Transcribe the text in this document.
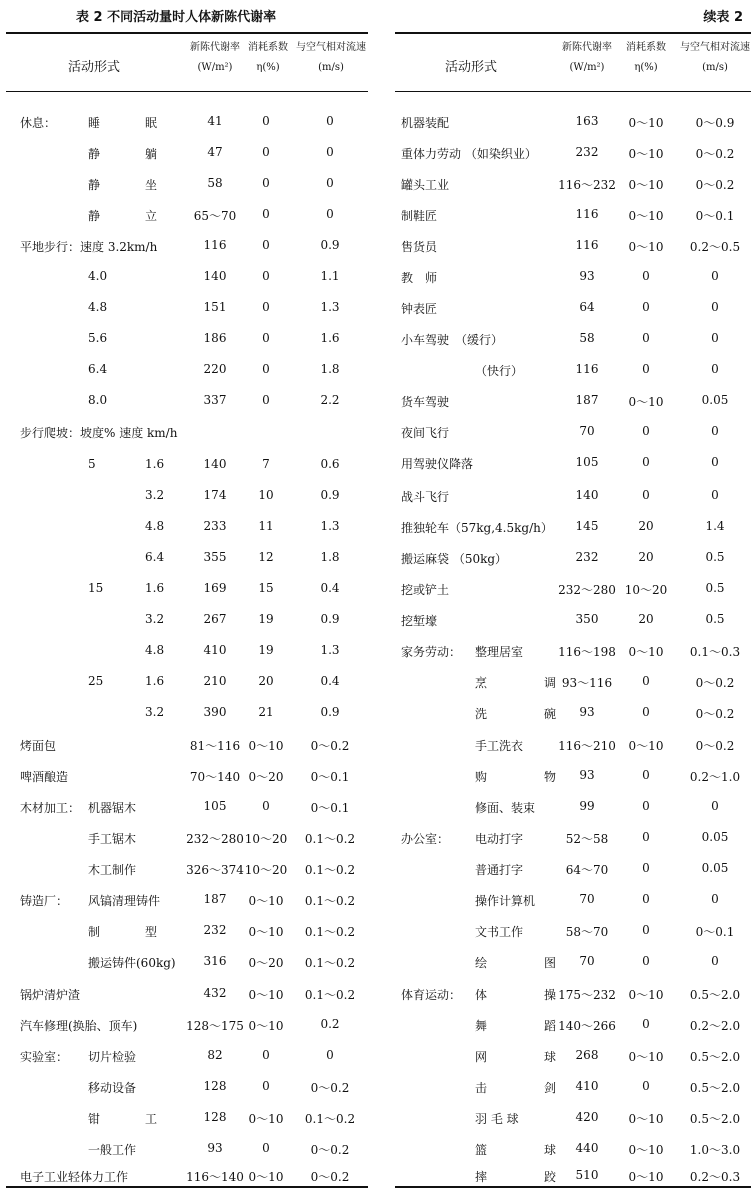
表 2 不同活动量时人体新陈代谢率
活动形式
新陈代谢率
(W/m²)
消耗系数
η(%)
与空气相对流速
(m/s)
休息：	睡	眠	41	0	0
静	躺	47	0	0
静	坐	58	0	0
静	立	65～70	0	0
平地步行：速度 3.2km/h	116	0	0.9
4.0	140	0	1.1
4.8	151	0	1.3
5.6	186	0	1.6
6.4	220	0	1.8
8.0	337	0	2.2
步行爬坡：坡度% 速度 km/h
5	1.6	140	7	0.6
3.2	174	10	0.9
4.8	233	11	1.3
6.4	355	12	1.8
15	1.6	169	15	0.4
3.2	267	19	0.9
4.8	410	19	1.3
25	1.6	210	20	0.4
3.2	390	21	0.9
烤面包	81～116 0～10	0～0.2
啤酒酿造	70～140 0～20	0～0.1
木材加工： 机器锯木	105	0	0～0.1
手工锯木	232～280 10～20	0.1～0.2
木工制作	326～374 10～20	0.1～0.2
铸造厂： 风镐清理铸件	187	0～10	0.1～0.2
制	型	232	0～10	0.1～0.2
搬运铸件(60kg)	316	0～20	0.1～0.2
锅炉清炉渣	432	0～10	0.1～0.2
汽车修理(换胎、顶车)	128～175 0～10	0.2
实验室： 切片检验	82	0	0
移动设备	128	0	0～0.2
钳	工	128	0～10	0.1～0.2
一般工作	93	0	0～0.2
电子工业轻体力工作	116～140 0～10	0～0.2
续表 2
活动形式
新陈代谢率
(W/m²)
消耗系数
η(%)
与空气相对流速
(m/s)
机器装配	163	0～10	0～0.9
重体力劳动 （如染织业）	232	0～10	0～0.2
罐头工业	116～232	0～10	0～0.2
制鞋匠	116	0～10	0～0.1
售货员	116	0～10	0.2～0.5
教　师	93	0	0
钟表匠	64	0	0
小车驾驶　（缓行）	58	0	0
（快行）	116	0	0
货车驾驶	187	0～10	0.05
夜间飞行	70	0	0
用驾驶仪降落	105	0	0
战斗飞行	140	0	0
推独轮车（57kg,4.5kg/h）	145	20	1.4
搬运麻袋 （50kg）	232	20	0.5
挖或铲土	232～280 10～20	0.5
挖堑壕	350	20	0.5
家务劳动： 整理居室	116～198	0～10	0.1～0.3
烹	调 93～116	0	0～0.2
洗	碗	93	0	0～0.2
手工洗衣	116～210	0～10	0～0.2
购	物	93	0	0.2～1.0
修面、装束	99	0	0
办公室： 电动打字	52～58	0	0.05
普通打字	64～70	0	0.05
操作计算机	70	0	0
文书工作	58～70	0	0～0.1
绘	图	70	0	0
体育运动： 体	操 175～232	0～10	0.5～2.0
舞	蹈 140～266	0	0.2～2.0
网	球	268	0～10	0.5～2.0
击	剑	410	0	0.5～2.0
羽 毛 球	420	0～10	0.5～2.0
篮	球	440	0～10	1.0～3.0
摔	跤	510	0～10	0.2～0.3
